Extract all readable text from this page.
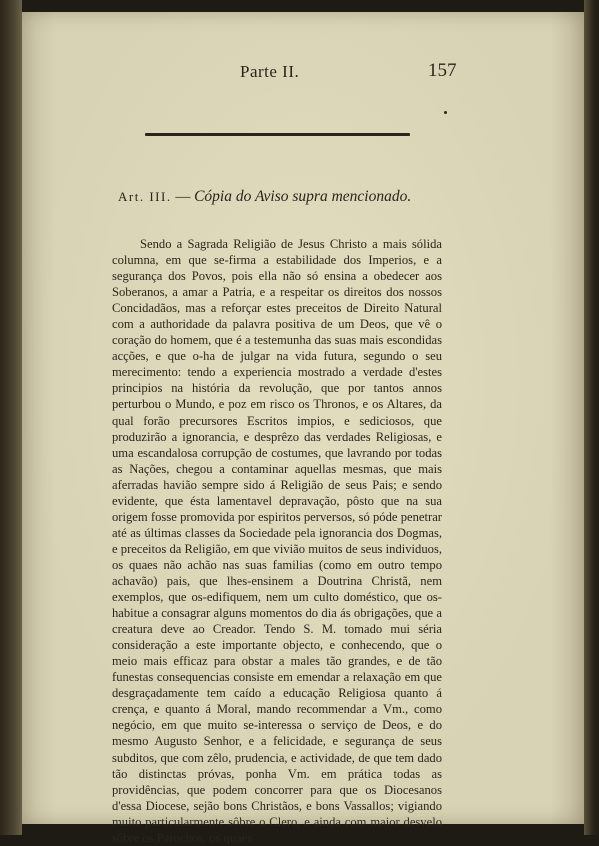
Parte II.	157
Art. III. — Cópia do Aviso supra mencionado.
Sendo a Sagrada Religião de Jesus Christo a mais sólida columna, em que se-firma a estabilidade dos Imperios, e a segurança dos Povos, pois ella não só ensina a obedecer aos Soberanos, a amar a Patria, e a respeitar os direitos dos nossos Concidadãos, mas a reforçar estes preceitos de Direito Natural com a authoridade da palavra positiva de um Deos, que vê o coração do homem, que é a testemunha das suas mais escondidas acções, e que o-ha de julgar na vida futura, segundo o seu merecimento: tendo a experiencia mostrado a verdade d'estes principios na história da revolução, que por tantos annos perturbou o Mundo, e poz em risco os Thronos, e os Altares, da qual forão precursores Escritos impios, e sediciosos, que produzirão a ignorancia, e desprêzo das verdades Religiosas, e uma escandalosa corrupção de costumes, que lavrando por todas as Nações, chegou a contaminar aquellas mesmas, que mais aferradas havião sempre sido á Religião de seus Pais; e sendo evidente, que ésta lamentavel depravação, pôsto que na sua origem fosse promovida por espiritos perversos, só póde penetrar até as últimas classes da Sociedade pela ignorancia dos Dogmas, e preceitos da Religião, em que vivião muitos de seus individuos, os quaes não achão nas suas familias (como em outro tempo achavão) pais, que lhes-ensinem a Doutrina Christã, nem exemplos, que os-edifiquem, nem um culto doméstico, que os-habitue a consagrar alguns momentos do dia ás obrigações, que a creatura deve ao Creador. Tendo S. M. tomado mui séria consideração a este importante objecto, e conhecendo, que o meio mais efficaz para obstar a males tão grandes, e de tão funestas consequencias consiste em emendar a relaxação em que desgraçadamente tem caído a educação Religiosa quanto á crença, e quanto á Moral, mando recommendar a Vm., como negócio, em que muito se-interessa o serviço de Deos, e do mesmo Augusto Senhor, e a felicidade, e segurança de seus subditos, que com zêlo, prudencia, e actividade, de que tem dado tão distinctas próvas, ponha Vm. em prática todas as providências, que podem concorrer para que os Diocesanos d'essa Diocese, sejão bons Christãos, e bons Vassallos; vigiando muito particularmente sôbre o Clero, e ainda com maior desvelo sôbre os Parochos, os quaes
